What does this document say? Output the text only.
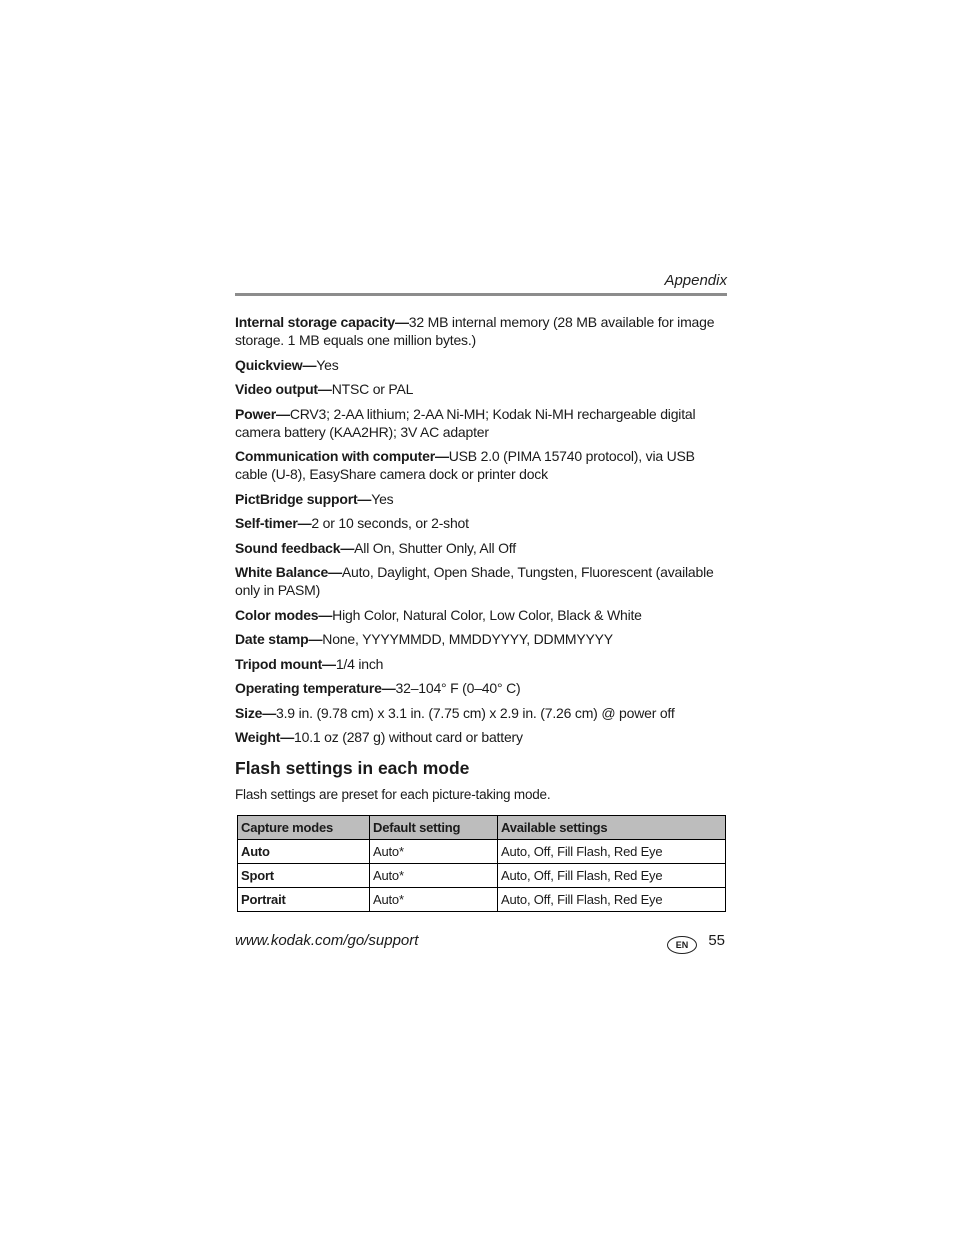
Appendix

Internal storage capacity—32 MB internal memory (28 MB available for image storage. 1 MB equals one million bytes.)

Quickview—Yes

Video output—NTSC or PAL

Power—CRV3; 2-AA lithium; 2-AA Ni-MH; Kodak Ni-MH rechargeable digital camera battery (KAA2HR); 3V AC adapter

Communication with computer—USB 2.0 (PIMA 15740 protocol), via USB cable (U-8), EasyShare camera dock or printer dock

PictBridge support—Yes

Self-timer—2 or 10 seconds, or 2-shot

Sound feedback—All On, Shutter Only, All Off

White Balance—Auto, Daylight, Open Shade, Tungsten, Fluorescent (available only in PASM)

Color modes—High Color, Natural Color, Low Color, Black & White

Date stamp—None, YYYYMMDD, MMDDYYYY, DDMMYYYY

Tripod mount—1/4 inch

Operating temperature—32–104° F (0–40° C)

Size—3.9 in. (9.78 cm) x 3.1 in. (7.75 cm) x 2.9 in. (7.26 cm) @ power off

Weight—10.1 oz (287 g) without card or battery

Flash settings in each mode

Flash settings are preset for each picture-taking mode.

Capture modes	Default setting	Available settings
Auto	Auto*	Auto, Off, Fill Flash, Red Eye
Sport	Auto*	Auto, Off, Fill Flash, Red Eye
Portrait	Auto*	Auto, Off, Fill Flash, Red Eye
www.kodak.com/go/support	EN	55
